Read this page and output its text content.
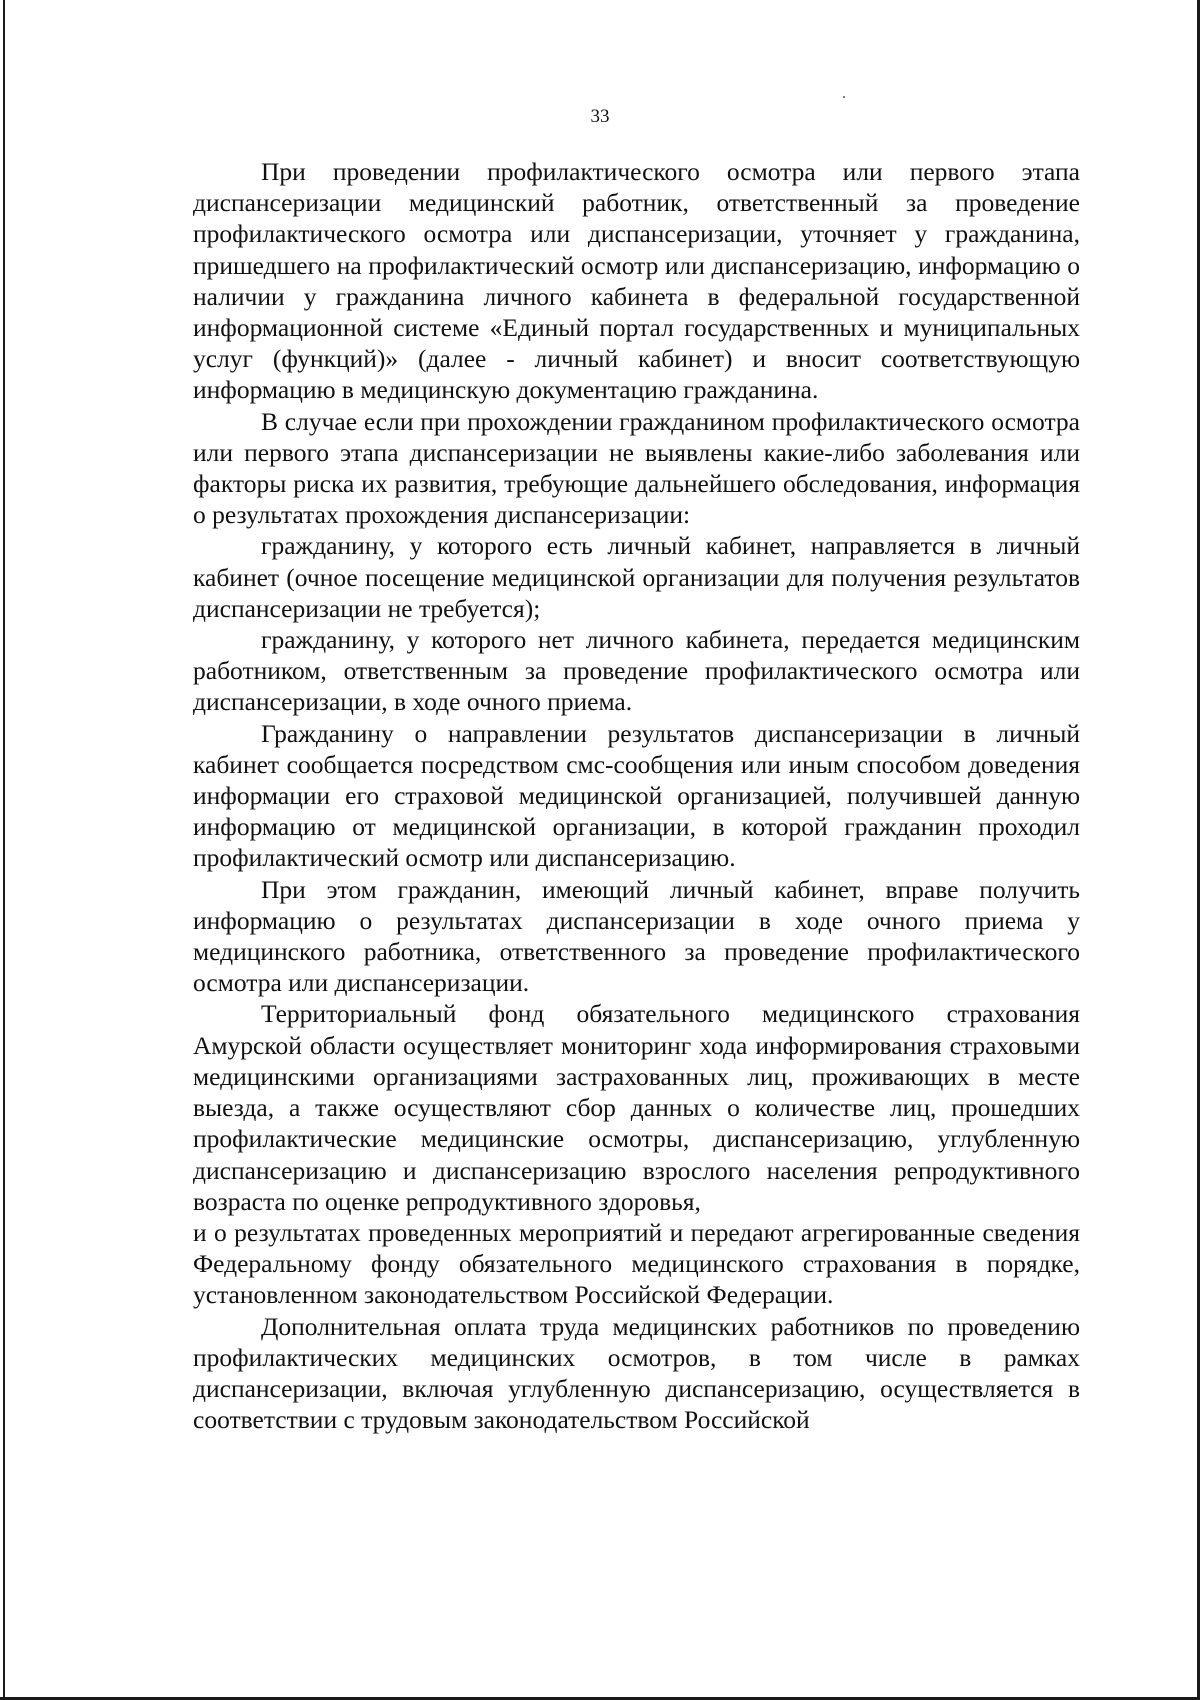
33

При проведении профилактического осмотра или первого этапа диспансеризации медицинский работник, ответственный за проведение профилактического осмотра или диспансеризации, уточняет у гражданина, пришедшего на профилактический осмотр или диспансеризацию, информацию о наличии у гражданина личного кабинета в федеральной государственной информационной системе «Единый портал государственных и муниципальных услуг (функций)» (далее - личный кабинет) и вносит соответствующую информацию в медицинскую документацию гражданина.

В случае если при прохождении гражданином профилактического осмотра или первого этапа диспансеризации не выявлены какие-либо заболевания или факторы риска их развития, требующие дальнейшего обследования, информация о результатах прохождения диспансеризации:

гражданину, у которого есть личный кабинет, направляется в личный кабинет (очное посещение медицинской организации для получения результатов диспансеризации не требуется);

гражданину, у которого нет личного кабинета, передается медицинским работником, ответственным за проведение профилактического осмотра или диспансеризации, в ходе очного приема.

Гражданину о направлении результатов диспансеризации в личный кабинет сообщается посредством смс-сообщения или иным способом доведения информации его страховой медицинской организацией, получившей данную информацию от медицинской организации, в которой гражданин проходил профилактический осмотр или диспансеризацию.

При этом гражданин, имеющий личный кабинет, вправе получить информацию о результатах диспансеризации в ходе очного приема у медицинского работника, ответственного за проведение профилактического осмотра или диспансеризации.

Территориальный фонд обязательного медицинского страхования Амурской области осуществляет мониторинг хода информирования страховыми медицинскими организациями застрахованных лиц, проживающих в месте выезда, а также осуществляют сбор данных о количестве лиц, прошедших профилактические медицинские осмотры, диспансеризацию, углубленную диспансеризацию и диспансеризацию взрослого населения репродуктивного возраста по оценке репродуктивного здоровья,

и о результатах проведенных мероприятий и передают агрегированные сведения Федеральному фонду обязательного медицинского страхования в порядке, установленном законодательством Российской Федерации.

Дополнительная оплата труда медицинских работников по проведению профилактических медицинских осмотров, в том числе в рамках диспансеризации, включая углубленную диспансеризацию, осуществляется в соответствии с трудовым законодательством Российской
